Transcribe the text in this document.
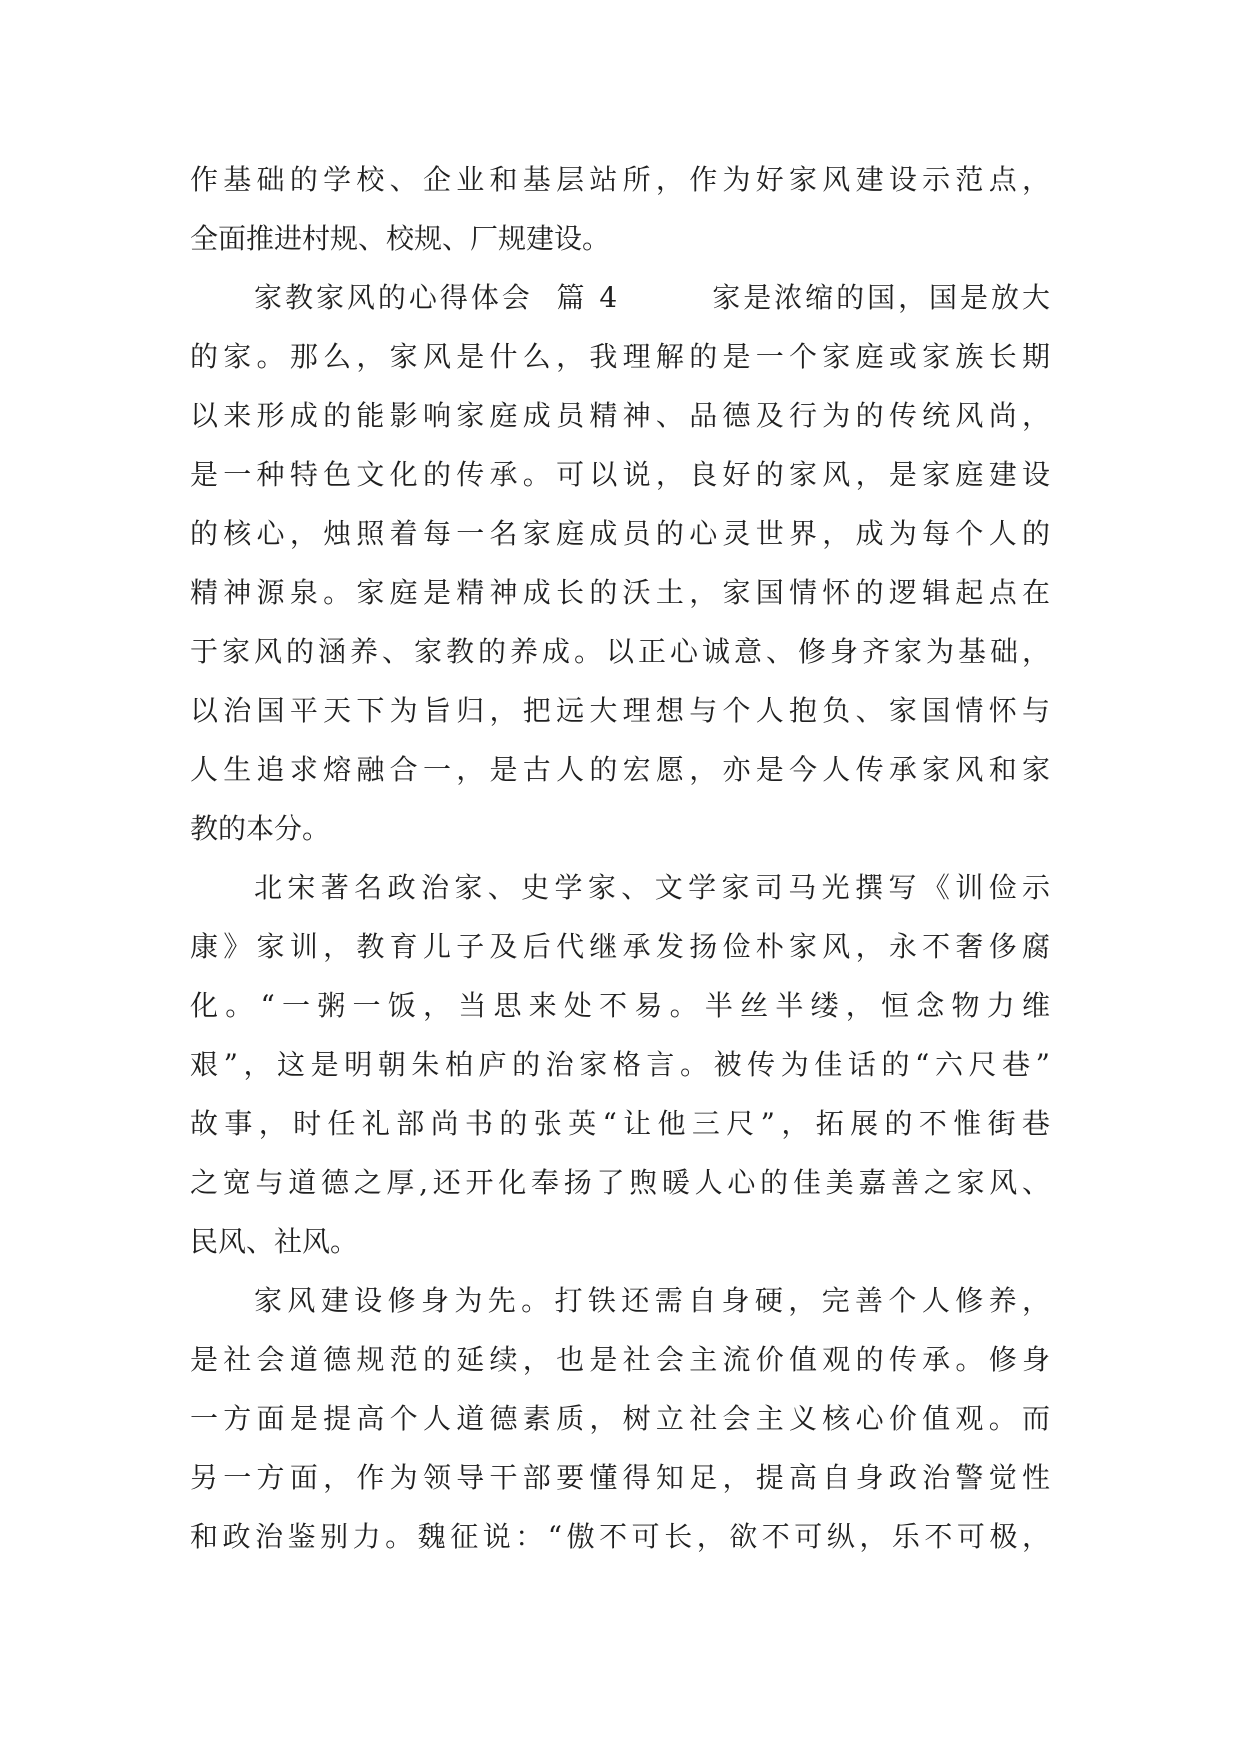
作基础的学校、企业和基层站所，作为好家风建设示范点，
全面推进村规、校规、厂规建设。
家教家风的心得体会  篇 4        家是浓缩的国，国是放大
的家。那么，家风是什么，我理解的是一个家庭或家族长期
以来形成的能影响家庭成员精神、品德及行为的传统风尚，
是一种特色文化的传承。可以说，良好的家风，是家庭建设
的核心，烛照着每一名家庭成员的心灵世界，成为每个人的
精神源泉。家庭是精神成长的沃土，家国情怀的逻辑起点在
于家风的涵养、家教的养成。以正心诚意、修身齐家为基础，
以治国平天下为旨归，把远大理想与个人抱负、家国情怀与
人生追求熔融合一，是古人的宏愿，亦是今人传承家风和家
教的本分。
北宋著名政治家、史学家、文学家司马光撰写《训俭示
康》家训，教育儿子及后代继承发扬俭朴家风，永不奢侈腐
化。“一粥一饭，当思来处不易。半丝半缕，恒念物力维
艰”，这是明朝朱柏庐的治家格言。被传为佳话的“六尺巷”
故事，时任礼部尚书的张英“让他三尺”，拓展的不惟街巷
之宽与道德之厚,还开化奉扬了煦暖人心的佳美嘉善之家风、
民风、社风。
家风建设修身为先。打铁还需自身硬，完善个人修养，
是社会道德规范的延续，也是社会主流价值观的传承。修身
一方面是提高个人道德素质，树立社会主义核心价值观。而
另一方面，作为领导干部要懂得知足，提高自身政治警觉性
和政治鉴别力。魏征说：“傲不可长，欲不可纵，乐不可极，
